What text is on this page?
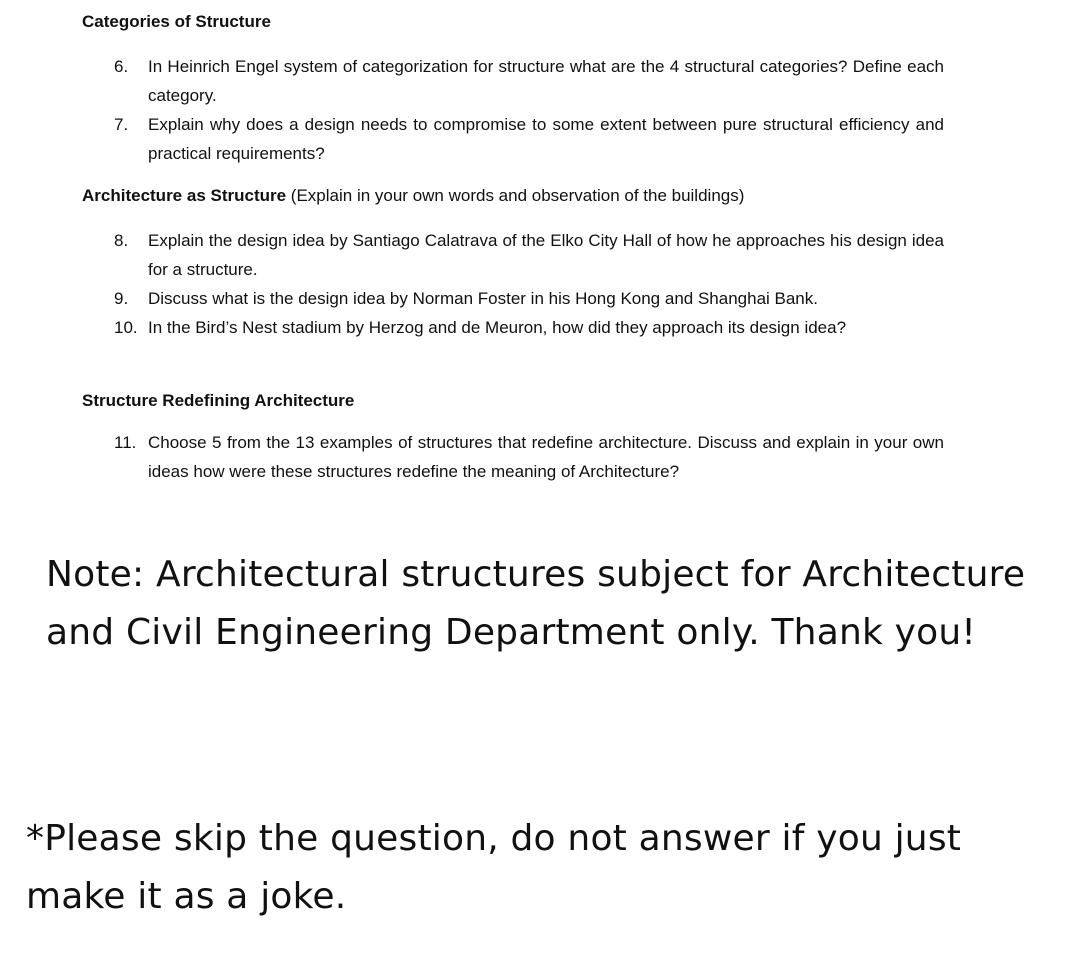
Categories of Structure
6.	In Heinrich Engel system of categorization for structure what are the 4 structural categories? Define each category.
7.	Explain why does a design needs to compromise to some extent between pure structural efficiency and practical requirements?
Architecture as Structure (Explain in your own words and observation of the buildings)
8.	Explain the design idea by Santiago Calatrava of the Elko City Hall of how he approaches his design idea for a structure.
9.	Discuss what is the design idea by Norman Foster in his Hong Kong and Shanghai Bank.
10. In the Bird’s Nest stadium by Herzog and de Meuron, how did they approach its design idea?
Structure Redefining Architecture
11. Choose 5 from the 13 examples of structures that redefine architecture. Discuss and explain in your own ideas how were these structures redefine the meaning of Architecture?
Note: Architectural structures subject for Architecture and Civil Engineering Department only. Thank you!
*Please skip the question, do not answer if you just make it as a joke.
